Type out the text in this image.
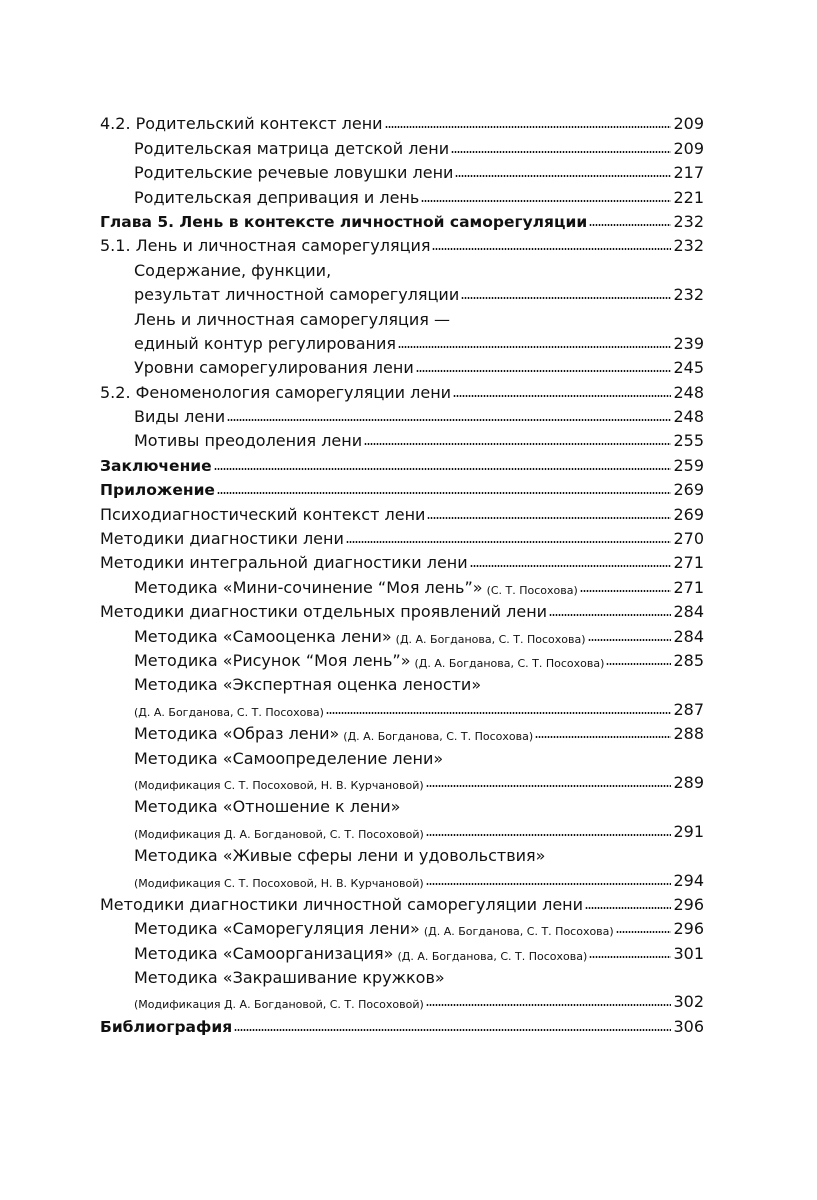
4.2. Родительский контекст лени	209
Родительская матрица детской лени	209
Родительские речевые ловушки лени	217
Родительская депривация и лень	221
Глава 5. Лень в контексте личностной саморегуляции	232
5.1. Лень и личностная саморегуляция	232
Содержание, функции,
результат личностной саморегуляции	232
Лень и личностная саморегуляция —
единый контур регулирования	239
Уровни саморегулирования лени	245
5.2. Феноменология саморегуляции лени	248
Виды лени	248
Мотивы преодоления лени	255
Заключение	259
Приложение	269
Психодиагностический контекст лени	269
Методики диагностики лени	270
Методики интегральной диагностики лени	271
Методика «Мини-сочинение “Моя лень”» (С. Т. Посохова)	271
Методики диагностики отдельных проявлений лени	284
Методика «Самооценка лени» (Д. А. Богданова, С. Т. Посохова)	284
Методика «Рисунок “Моя лень”» (Д. А. Богданова, С. Т. Посохова)	285
Методика «Экспертная оценка лености»
(Д. А. Богданова, С. Т. Посохова)	287
Методика «Образ лени» (Д. А. Богданова, С. Т. Посохова)	288
Методика «Самоопределение лени»
(Модификация С. Т. Посоховой, Н. В. Курчановой)	289
Методика «Отношение к лени»
(Модификация Д. А. Богдановой, С. Т. Посоховой)	291
Методика «Живые сферы лени и удовольствия»
(Модификация С. Т. Посоховой, Н. В. Курчановой)	294
Методики диагностики личностной саморегуляции лени	296
Методика «Саморегуляция лени» (Д. А. Богданова, С. Т. Посохова)	296
Методика «Самоорганизация» (Д. А. Богданова, С. Т. Посохова)	301
Методика «Закрашивание кружков»
(Модификация Д. А. Богдановой, С. Т. Посоховой)	302
Библиография	306
